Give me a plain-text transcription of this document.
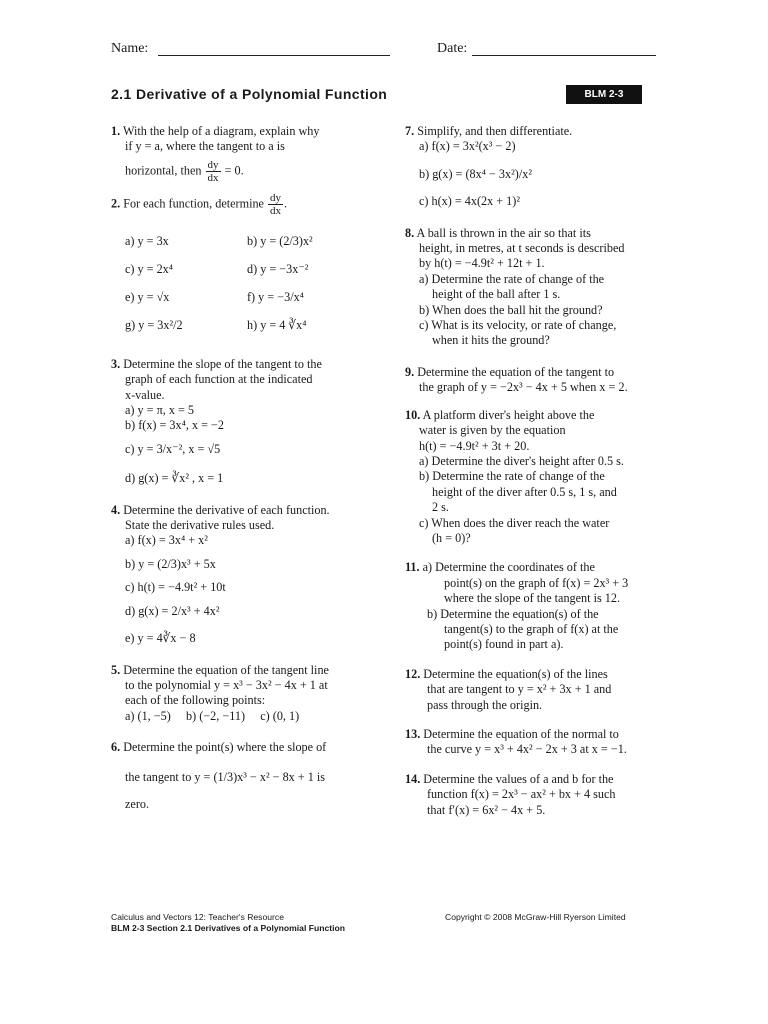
Name:	Date:
2.1 Derivative of a Polynomial Function	BLM 2-3

1. With the help of a diagram, explain why

if y = a, where the tangent to a is

horizontal, then $\frac{dy}{dx} = 0$.

2. For each function, determine $\frac{dy}{dx}$ .

a) y = 3x	b) y = (2/3)x²
c) y = 2x⁴	d) y = −3x⁻²
e) y = √x	f) y = −3/x⁴
g) y = 3x²/2	h) y = 4 ∛x⁴

3. Determine the slope of the tangent to the

graph of each function at the indicated

x-value.

a) y = π, x = 5

b) f(x) = 3x⁴, x = −2

c) y = 3/x⁻², x = √5

d) g(x) = ∛x² , x = 1

4. Determine the derivative of each function.

State the derivative rules used.

a) f(x) = 3x⁴ + x²

b) y = (2/3)x³ + 5x

c) h(t) = −4.9t² + 10t

d) g(x) = 2/x³ + 4x²

e) y = 4∛x − 8

5. Determine the equation of the tangent line

to the polynomial y = x³ − 3x² − 4x + 1 at

each of the following points:

a) (1, −5) b) (−2, −11) c) (0, 1)

6. Determine the point(s) where the slope of

the tangent to y = (1/3)x³ − x² − 8x + 1 is

zero.

7. Simplify, and then differentiate.

a) f(x) = 3x²(x³ − 2)

b) g(x) = (8x⁴ − 3x²)/x²

c) h(x) = 4x(2x + 1)²

8. A ball is thrown in the air so that its

height, in metres, at t seconds is described

by h(t) = −4.9t² + 12t + 1.

a) Determine the rate of change of the

height of the ball after 1 s.

b) When does the ball hit the ground?

c) What is its velocity, or rate of change,

when it hits the ground?

9. Determine the equation of the tangent to

the graph of y = −2x³ − 4x + 5 when x = 2.

10. A platform diver's height above the

water is given by the equation

h(t) = −4.9t² + 3t + 20.

a) Determine the diver's height after 0.5 s.

b) Determine the rate of change of the

height of the diver after 0.5 s, 1 s, and

2 s.

c) When does the diver reach the water

(h = 0)?

11. a) Determine the coordinates of the

point(s) on the graph of f(x) = 2x³ + 3

where the slope of the tangent is 12.

b) Determine the equation(s) of the

tangent(s) to the graph of f(x) at the

point(s) found in part a).

12. Determine the equation(s) of the lines

that are tangent to y = x² + 3x + 1 and

pass through the origin.

13. Determine the equation of the normal to

the curve y = x³ + 4x² − 2x + 3 at x = −1.

14. Determine the values of a and b for the

function f(x) = 2x³ − ax² + bx + 4 such

that f′(x) = 6x² − 4x + 5.

Calculus and Vectors 12: Teacher's Resource
BLM 2-3 Section 2.1 Derivatives of a Polynomial Function
Copyright © 2008 McGraw-Hill Ryerson Limited
